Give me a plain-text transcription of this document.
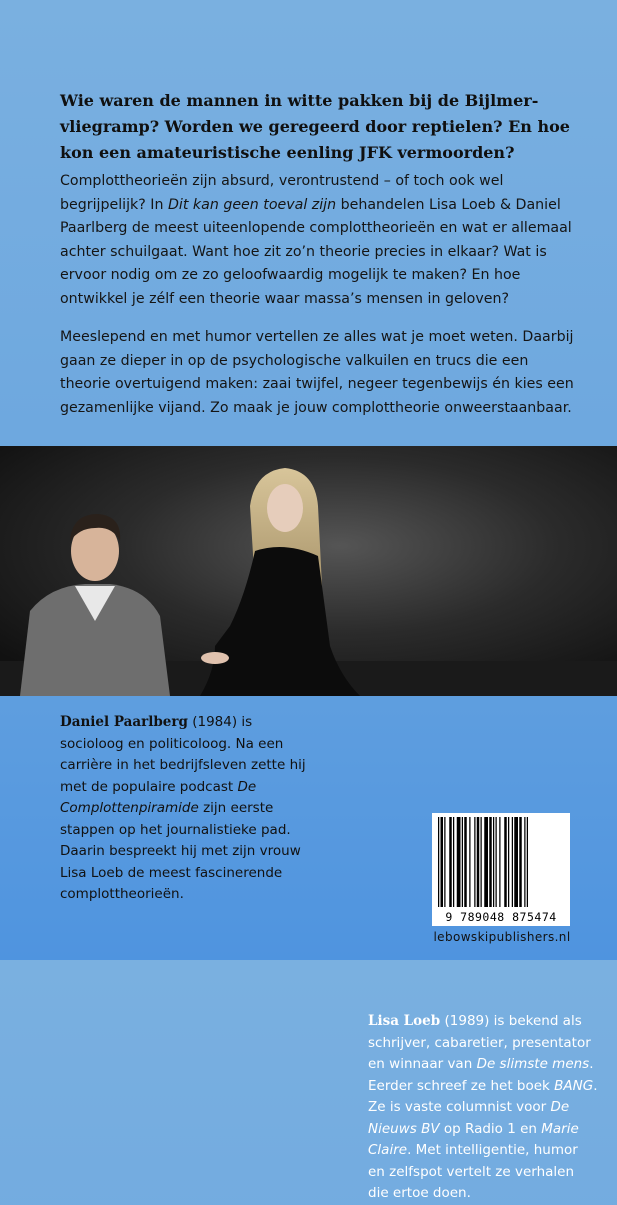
Wie waren de mannen in witte pakken bij de Bijlmer-vliegramp? Worden we geregeerd door reptielen? En hoe kon een amateuristische eenling JFK vermoorden?
Complottheorieën zijn absurd, verontrustend – of toch ook wel begrijpelijk? In Dit kan geen toeval zijn behandelen Lisa Loeb & Daniel Paarlberg de meest uiteenlopende complottheorieën en wat er allemaal achter schuilgaat. Want hoe zit zo’n theorie precies in elkaar? Wat is ervoor nodig om ze zo geloofwaardig mogelijk te maken? En hoe ontwikkel je zélf een theorie waar massa’s mensen in geloven?
Meeslepend en met humor vertellen ze alles wat je moet weten. Daarbij gaan ze dieper in op de psychologische valkuilen en trucs die een theorie overtuigend maken: zaai twijfel, negeer tegenbewijs én kies een gezamenlijke vijand. Zo maak je jouw complottheorie onweerstaanbaar.
Lisa Loeb (1989) is bekend als schrijver, cabaretier, presentator en winnaar van De slimste mens. Eerder schreef ze het boek BANG. Ze is vaste columnist voor De Nieuws BV op Radio 1 en Marie Claire. Met intelligentie, humor en zelfspot vertelt ze verhalen die ertoe doen.
Daniel Paarlberg (1984) is socioloog en politicoloog. Na een carrière in het bedrijfsleven zette hij met de populaire podcast De Complottenpiramide zijn eerste stappen op het journalistieke pad. Daarin bespreekt hij met zijn vrouw Lisa Loeb de meest fascinerende complottheorieën.
9 789048 875474
lebowskipublishers.nl
